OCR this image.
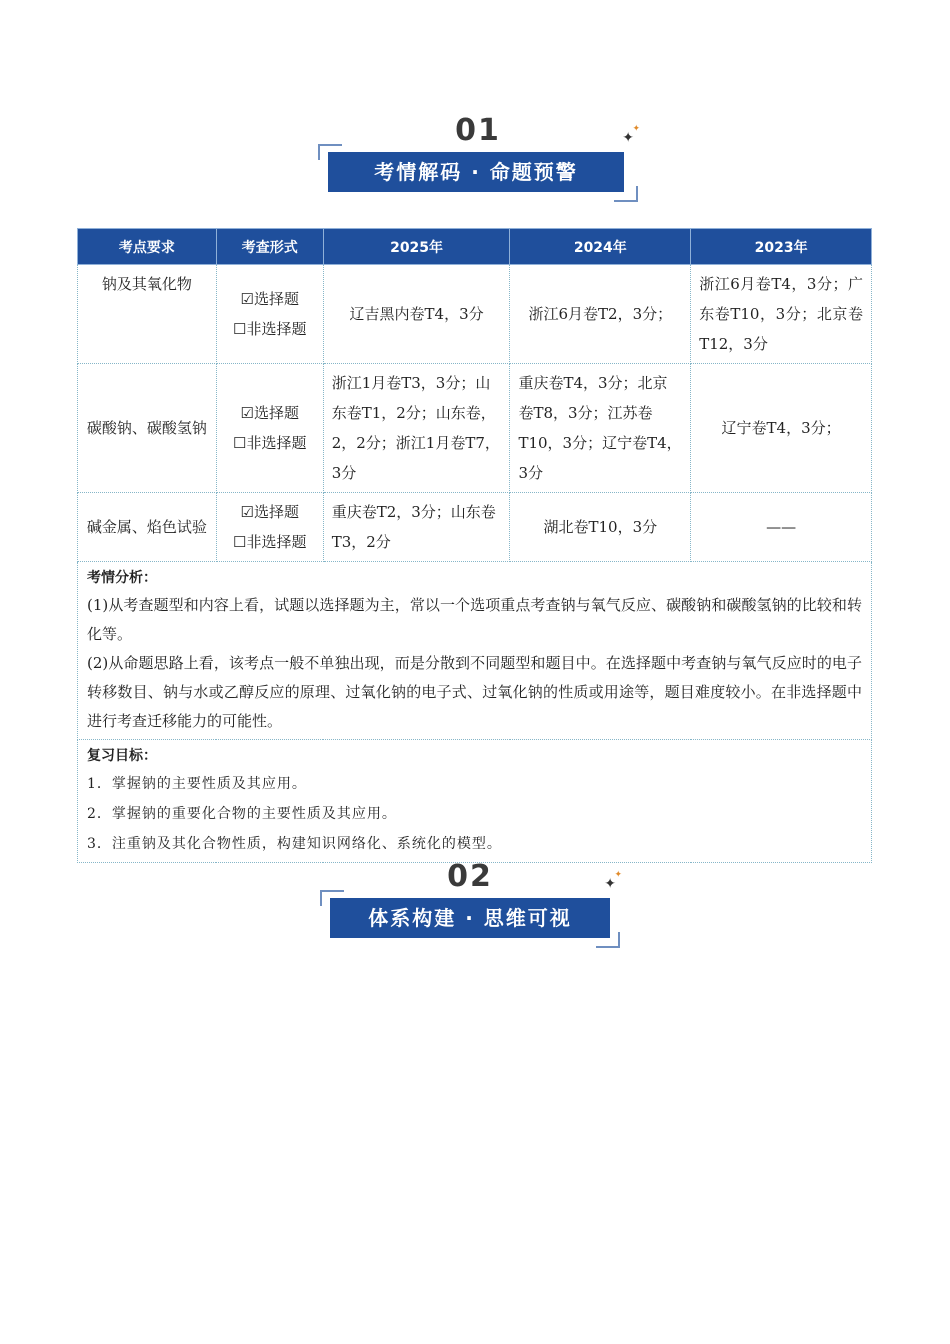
01
考情解码 · 命题预警
✦
✦
考点要求	考查形式	2025年	2024年	2023年
钠及其氧化物	☑选择题
☐非选择题	辽吉黑内卷T4，3分	浙江6月卷T2，3分；	浙江6月卷T4，3分；广东卷T10，3分；北京卷T12，3分
碳酸钠、碳酸氢钠	☑选择题
☐非选择题	浙江1月卷T3，3分；山东卷T1，2分；山东卷，2，2分；浙江1月卷T7，3分	重庆卷T4，3分；北京卷T8，3分；江苏卷T10，3分；辽宁卷T4，3分	辽宁卷T4，3分；
碱金属、焰色试验	☑选择题
☐非选择题	重庆卷T2，3分；山东卷T3，2分	湖北卷T10，3分	——

考情分析：
(1)从考查题型和内容上看，试题以选择题为主，常以一个选项重点考查钠与氧气反应、碳酸钠和碳酸氢钠的比较和转化等。
(2)从命题思路上看，该考点一般不单独出现，而是分散到不同题型和题目中。在选择题中考查钠与氧气反应时的电子转移数目、钠与水或乙醇反应的原理、过氧化钠的电子式、过氧化钠的性质或用途等，题目难度较小。在非选择题中进行考查迁移能力的可能性。				

复习目标：
1．掌握钠的主要性质及其应用。
2．掌握钠的重要化合物的主要性质及其应用。
3．注重钠及其化合物性质，构建知识网络化、系统化的模型。				
02
体系构建 · 思维可视
✦
✦
